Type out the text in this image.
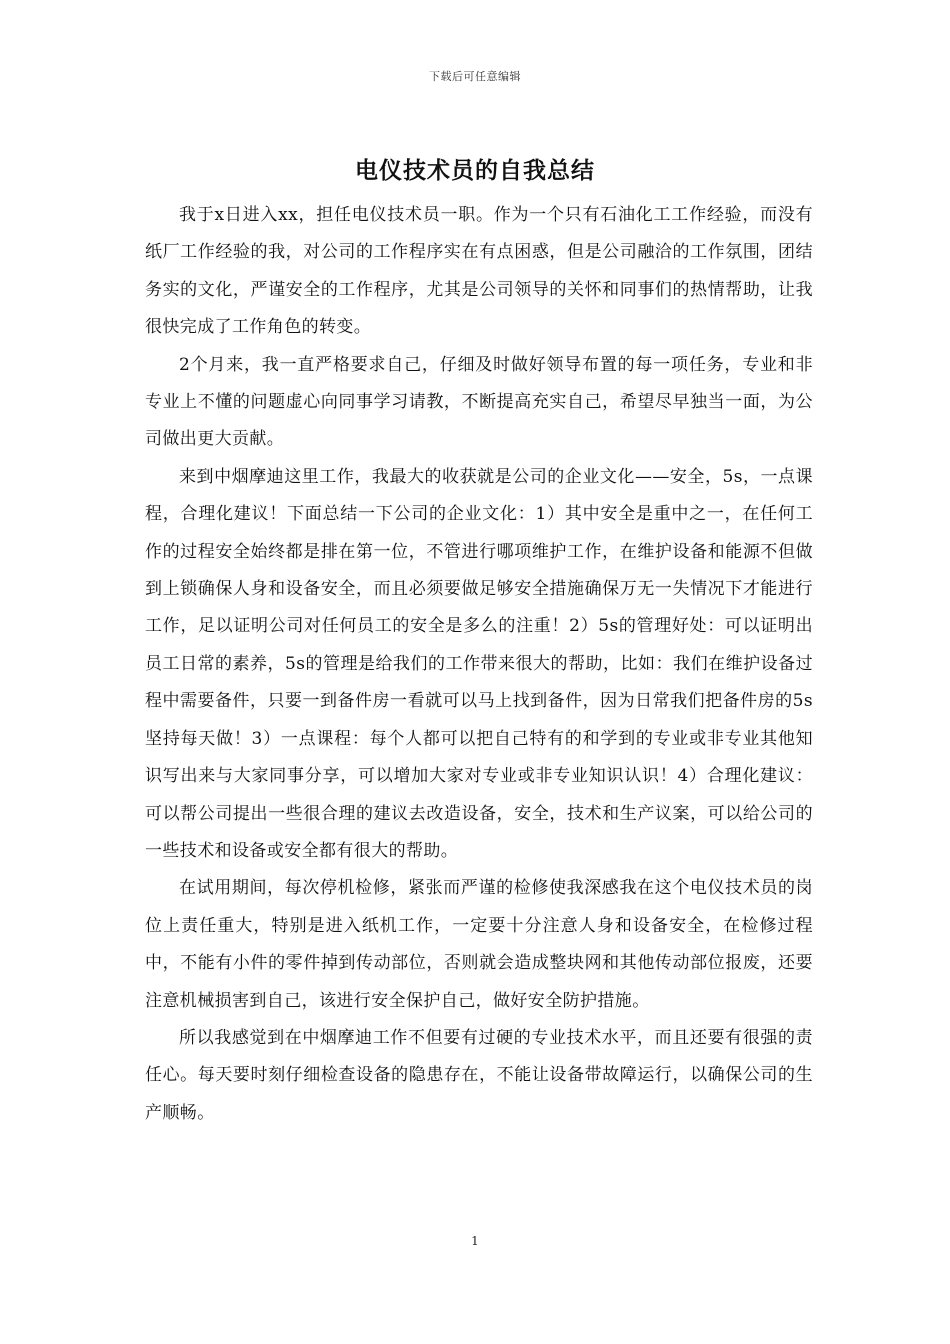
下载后可任意编辑
电仪技术员的自我总结

我于x日进入xx，担任电仪技术员一职。作为一个只有石油化工工作经验，而没有纸厂工作经验的我，对公司的工作程序实在有点困惑，但是公司融洽的工作氛围，团结务实的文化，严谨安全的工作程序，尤其是公司领导的关怀和同事们的热情帮助，让我很快完成了工作角色的转变。

2个月来，我一直严格要求自己，仔细及时做好领导布置的每一项任务，专业和非专业上不懂的问题虚心向同事学习请教，不断提高充实自己，希望尽早独当一面，为公司做出更大贡献。

来到中烟摩迪这里工作，我最大的收获就是公司的企业文化——安全，5s，一点课程，合理化建议！下面总结一下公司的企业文化：1）其中安全是重中之一，在任何工作的过程安全始终都是排在第一位，不管进行哪项维护工作，在维护设备和能源不但做到上锁确保人身和设备安全，而且必须要做足够安全措施确保万无一失情况下才能进行工作，足以证明公司对任何员工的安全是多么的注重！2）5s的管理好处：可以证明出员工日常的素养，5s的管理是给我们的工作带来很大的帮助，比如：我们在维护设备过程中需要备件，只要一到备件房一看就可以马上找到备件，因为日常我们把备件房的5s坚持每天做！3）一点课程：每个人都可以把自己特有的和学到的专业或非专业其他知识写出来与大家同事分享，可以增加大家对专业或非专业知识认识！4）合理化建议：可以帮公司提出一些很合理的建议去改造设备，安全，技术和生产议案，可以给公司的一些技术和设备或安全都有很大的帮助。

在试用期间，每次停机检修，紧张而严谨的检修使我深感我在这个电仪技术员的岗位上责任重大，特别是进入纸机工作，一定要十分注意人身和设备安全，在检修过程中，不能有小件的零件掉到传动部位，否则就会造成整块网和其他传动部位报废，还要注意机械损害到自己，该进行安全保护自己，做好安全防护措施。

所以我感觉到在中烟摩迪工作不但要有过硬的专业技术水平，而且还要有很强的责任心。每天要时刻仔细检查设备的隐患存在，不能让设备带故障运行，以确保公司的生产顺畅。

1
